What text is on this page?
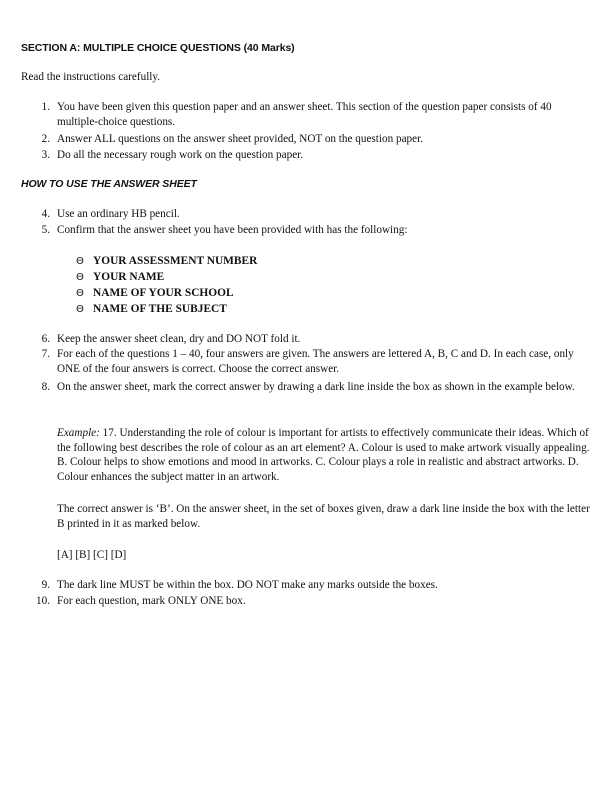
SECTION A: MULTIPLE CHOICE QUESTIONS (40 Marks)
Read the instructions carefully.
1. You have been given this question paper and an answer sheet. This section of the question paper consists of 40 multiple-choice questions.
2. Answer ALL questions on the answer sheet provided, NOT on the question paper.
3. Do all the necessary rough work on the question paper.
HOW TO USE THE ANSWER SHEET
4. Use an ordinary HB pencil.
5. Confirm that the answer sheet you have been provided with has the following:
Θ YOUR ASSESSMENT NUMBER
Θ YOUR NAME
Θ NAME OF YOUR SCHOOL
Θ NAME OF THE SUBJECT
6. Keep the answer sheet clean, dry and DO NOT fold it.
7. For each of the questions 1 – 40, four answers are given. The answers are lettered A, B, C and D. In each case, only ONE of the four answers is correct. Choose the correct answer.
8. On the answer sheet, mark the correct answer by drawing a dark line inside the box as shown in the example below.
Example: 17. Understanding the role of colour is important for artists to effectively communicate their ideas. Which of the following best describes the role of colour as an art element? A. Colour is used to make artwork visually appealing. B. Colour helps to show emotions and mood in artworks. C. Colour plays a role in realistic and abstract artworks. D. Colour enhances the subject matter in an artwork.
The correct answer is ‘B’. On the answer sheet, in the set of boxes given, draw a dark line inside the box with the letter B printed in it as marked below.
[A] [B] [C] [D]
9. The dark line MUST be within the box. DO NOT make any marks outside the boxes.
10. For each question, mark ONLY ONE box.
